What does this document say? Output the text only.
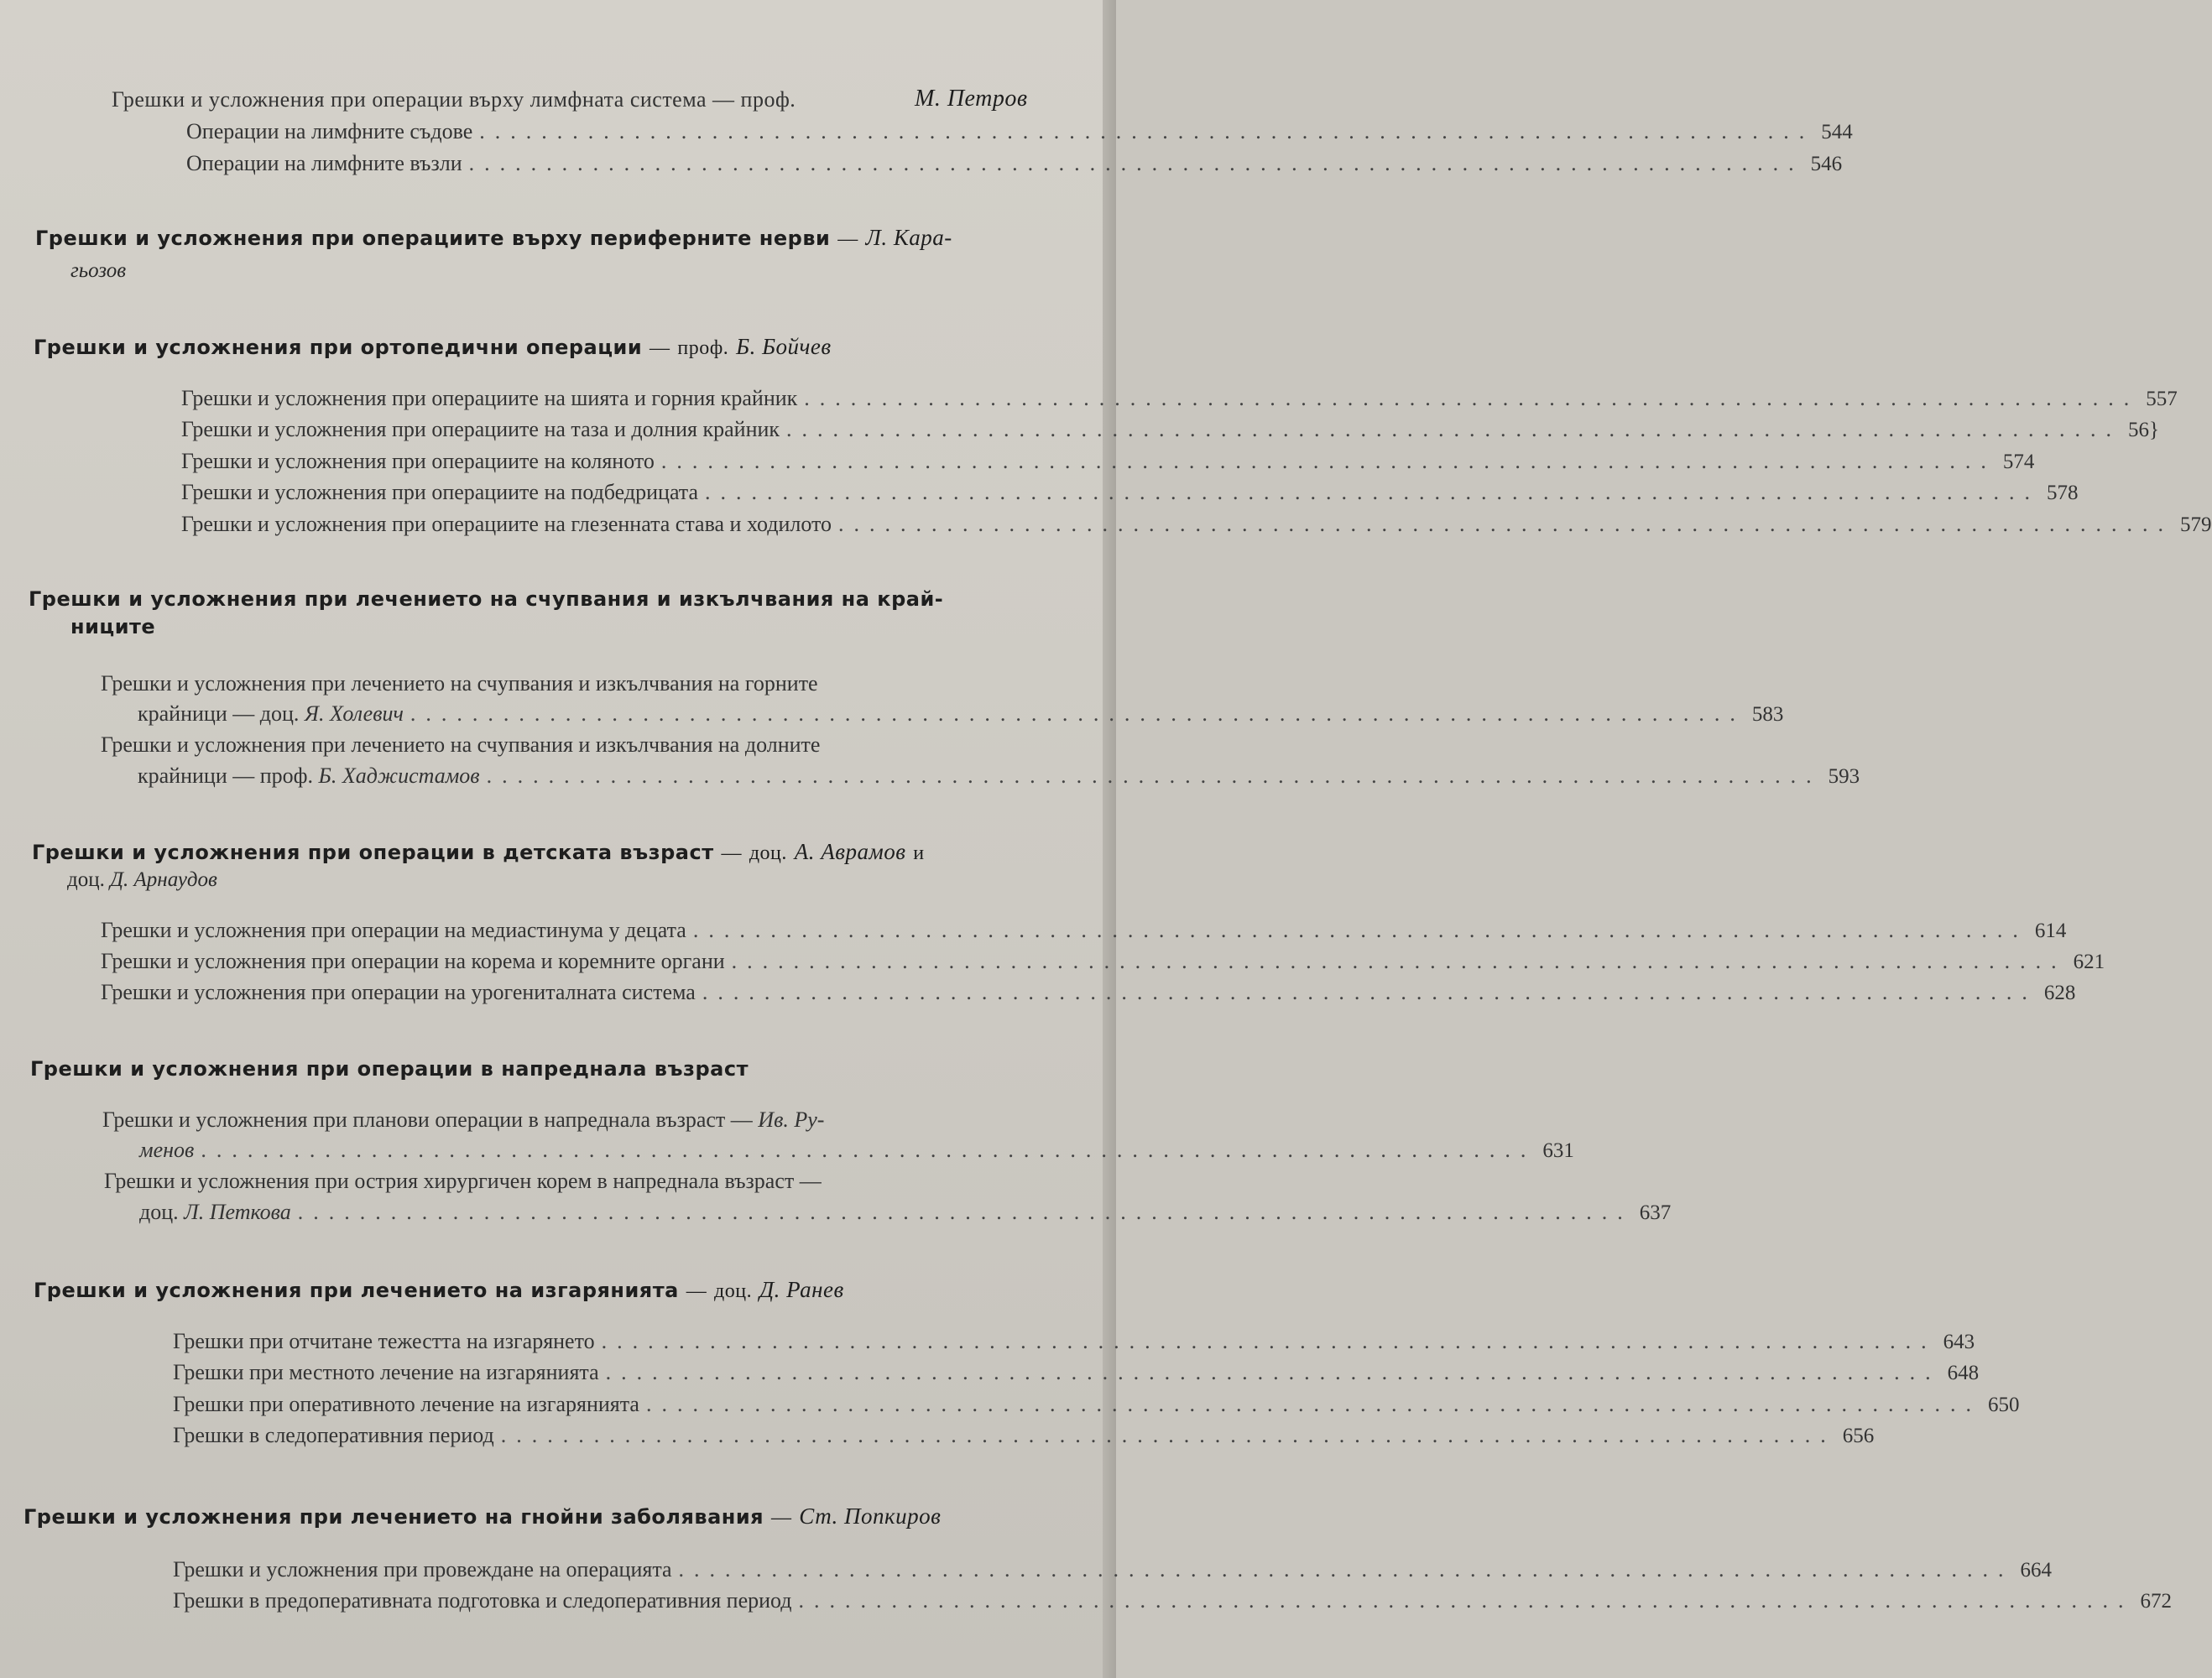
Грешки и усложнения при операции върху лимфната система — проф.	М. Петров
Операции на лимфните съдове ...................................................................................... 544
Операции на лимфните възли ...................................................................................... 546
Грешки и усложнения при операциите върху периферните нерви — Л. Кара-
гьозов
Грешки и усложнения при ортопедични операции — проф. Б. Бойчев
Грешки и усложнения при операциите на шията и горния крайник ...................................................................................... 557
Грешки и усложнения при операциите на таза и долния крайник ...................................................................................... 56}
Грешки и усложнения при операциите на коляното ...................................................................................... 574
Грешки и усложнения при операциите на подбедрицата ...................................................................................... 578
Грешки и усложнения при операциите на глезенната става и ходилото ...................................................................................... 579
Грешки и усложнения при лечението на счупвания и изкълчвания на край-
ниците
Грешки и усложнения при лечението на счупвания и изкълчвания на горните
крайници — доц. Я. Холевич ...................................................................................... 583
Грешки и усложнения при лечението на счупвания и изкълчвания на долните
крайници — проф. Б. Хаджистамов ...................................................................................... 593
Грешки и усложнения при операции в детската възраст — доц. А. Аврамов и
доц. Д. Арнаудов
Грешки и усложнения при операции на медиастинума у децата ...................................................................................... 614
Грешки и усложнения при операции на корема и коремните органи ...................................................................................... 621
Грешки и усложнения при операции на урогениталната система ...................................................................................... 628
Грешки и усложнения при операции в напреднала възраст
Грешки и усложнения при планови операции в напреднала възраст — Ив. Ру-
менов ...................................................................................... 631
Грешки и усложнения при острия хирургичен корем в напреднала възраст —
доц. Л. Петкова ...................................................................................... 637
Грешки и усложнения при лечението на изгарянията — доц. Д. Ранев
Грешки при отчитане тежестта на изгарянето ...................................................................................... 643
Грешки при местното лечение на изгарянията ...................................................................................... 648
Грешки при оперативното лечение на изгарянията ...................................................................................... 650
Грешки в следоперативния период ...................................................................................... 656
Грешки и усложнения при лечението на гнойни заболявания — Ст. Попкиров
Грешки и усложнения при провеждане на операцията ...................................................................................... 664
Грешки в предоперативната подготовка и следоперативния период ...................................................................................... 672
